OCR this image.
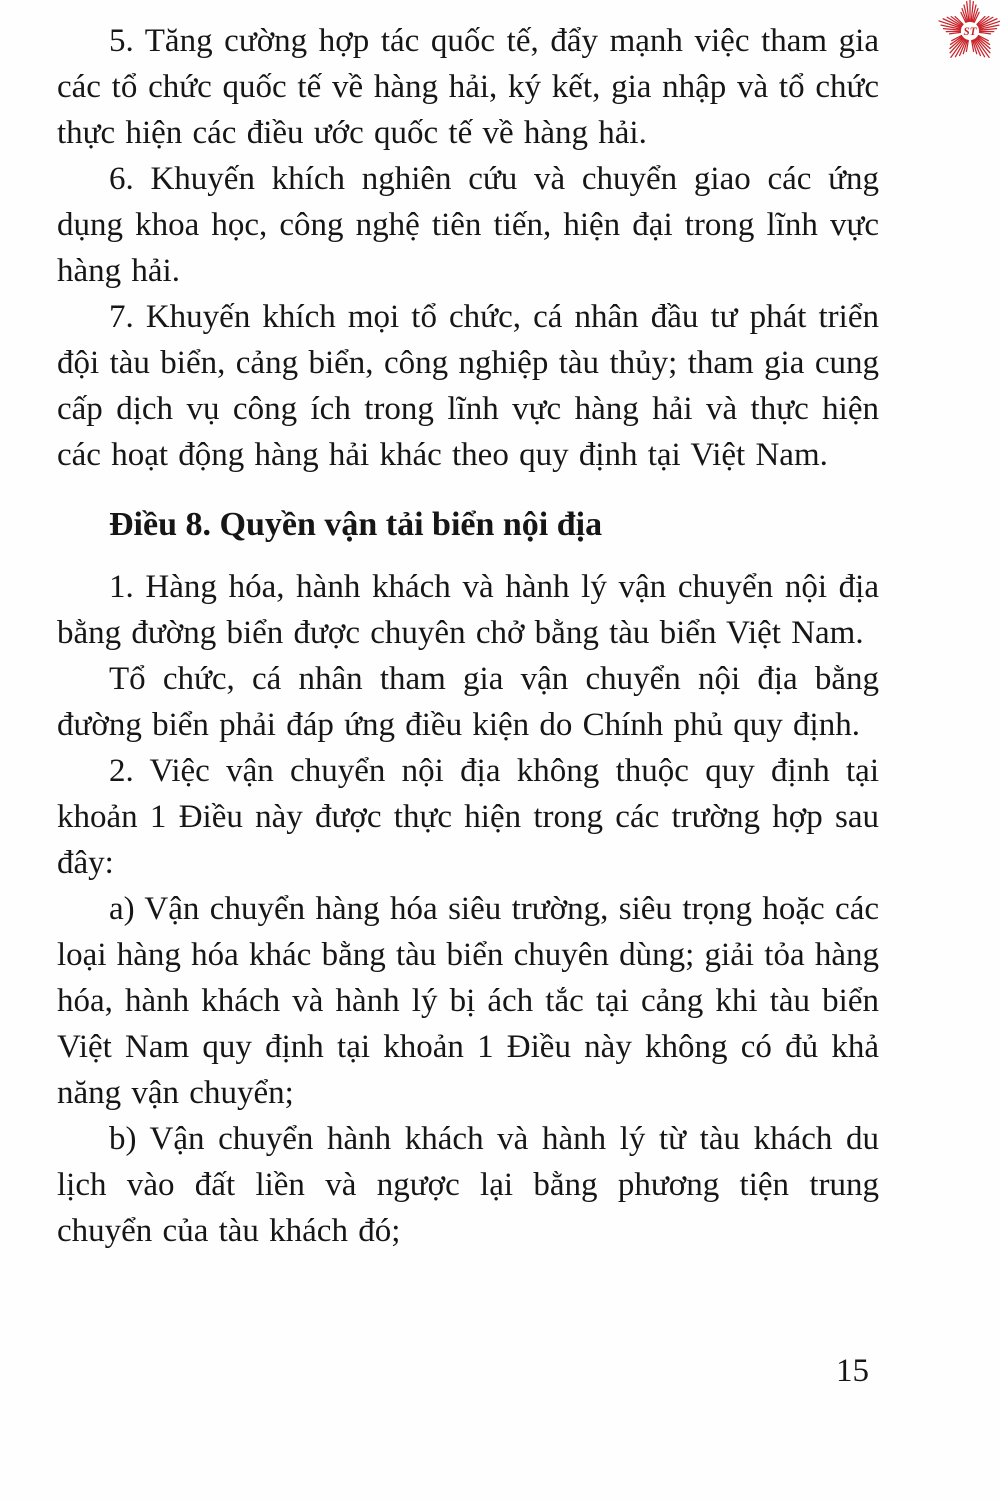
ST

5. Tăng cường hợp tác quốc tế, đẩy mạnh việc tham gia các tổ chức quốc tế về hàng hải, ký kết, gia nhập và tổ chức thực hiện các điều ước quốc tế về hàng hải.

6. Khuyến khích nghiên cứu và chuyển giao các ứng dụng khoa học, công nghệ tiên tiến, hiện đại trong lĩnh vực hàng hải.

7. Khuyến khích mọi tổ chức, cá nhân đầu tư phát triển đội tàu biển, cảng biển, công nghiệp tàu thủy; tham gia cung cấp dịch vụ công ích trong lĩnh vực hàng hải và thực hiện các hoạt động hàng hải khác theo quy định tại Việt Nam.

Điều 8. Quyền vận tải biển nội địa

1. Hàng hóa, hành khách và hành lý vận chuyển nội địa bằng đường biển được chuyên chở bằng tàu biển Việt Nam.

Tổ chức, cá nhân tham gia vận chuyển nội địa bằng đường biển phải đáp ứng điều kiện do Chính phủ quy định.

2. Việc vận chuyển nội địa không thuộc quy định tại khoản 1 Điều này được thực hiện trong các trường hợp sau đây:

a) Vận chuyển hàng hóa siêu trường, siêu trọng hoặc các loại hàng hóa khác bằng tàu biển chuyên dùng; giải tỏa hàng hóa, hành khách và hành lý bị ách tắc tại cảng khi tàu biển Việt Nam quy định tại khoản 1 Điều này không có đủ khả năng vận chuyển;

b) Vận chuyển hành khách và hành lý từ tàu khách du lịch vào đất liền và ngược lại bằng phương tiện trung chuyển của tàu khách đó;

15
